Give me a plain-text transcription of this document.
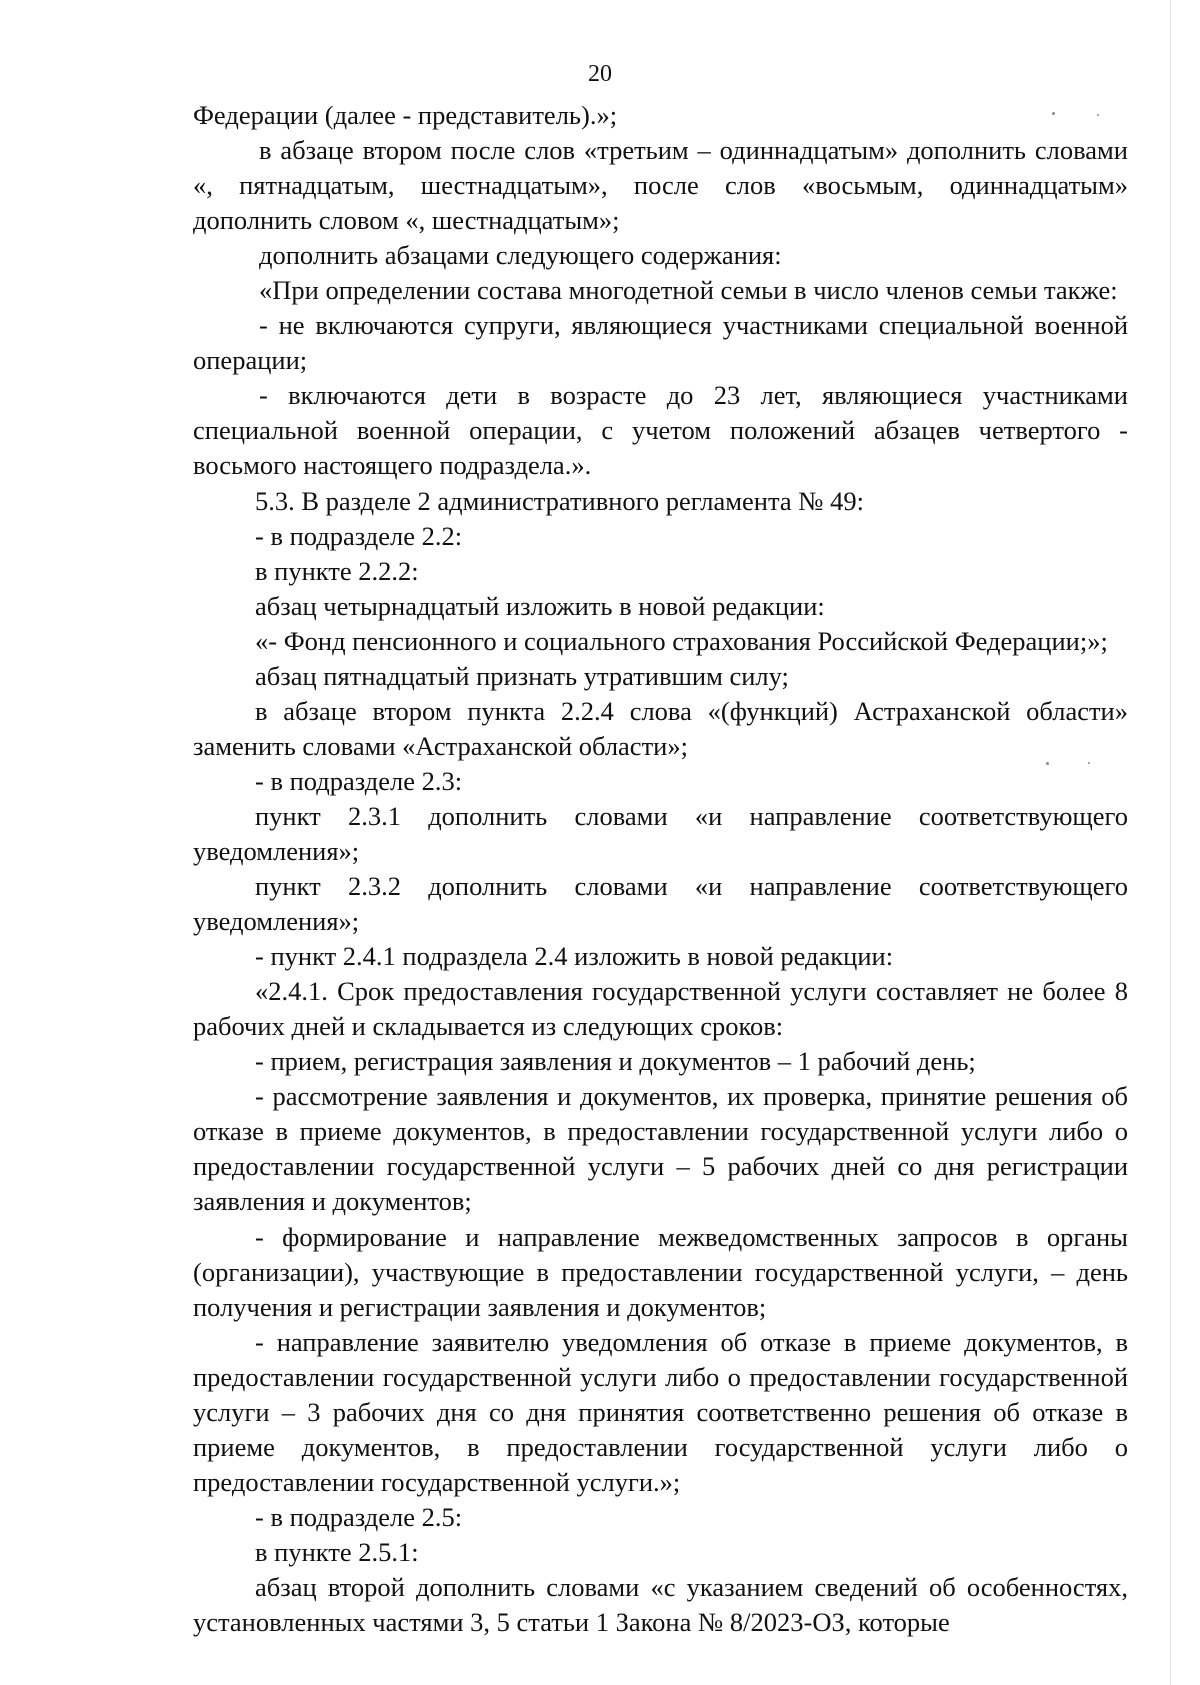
20

Федерации (далее - представитель).»;

в абзаце втором после слов «третьим – одиннадцатым» дополнить словами «, пятнадцатым, шестнадцатым», после слов «восьмым, одиннадцатым» дополнить словом «, шестнадцатым»;

дополнить абзацами следующего содержания:

«При определении состава многодетной семьи в число членов семьи также:

- не включаются супруги, являющиеся участниками специальной военной операции;

- включаются дети в возрасте до 23 лет, являющиеся участниками специальной военной операции, с учетом положений абзацев четвертого - восьмого настоящего подраздела.».

5.3. В разделе 2 административного регламента № 49:

- в подразделе 2.2:

в пункте 2.2.2:

абзац четырнадцатый изложить в новой редакции:

«- Фонд пенсионного и социального страхования Российской Федерации;»;

абзац пятнадцатый признать утратившим силу;

в абзаце втором пункта 2.2.4 слова «(функций) Астраханской области» заменить словами «Астраханской области»;

- в подразделе 2.3:

пункт 2.3.1 дополнить словами «и направление соответствующего уведомления»;

пункт 2.3.2 дополнить словами «и направление соответствующего уведомления»;

- пункт 2.4.1 подраздела 2.4 изложить в новой редакции:

«2.4.1. Срок предоставления государственной услуги составляет не более 8 рабочих дней и складывается из следующих сроков:

- прием, регистрация заявления и документов – 1 рабочий день;

- рассмотрение заявления и документов, их проверка, принятие решения об отказе в приеме документов, в предоставлении государственной услуги либо о предоставлении государственной услуги – 5 рабочих дней со дня регистрации заявления и документов;

- формирование и направление межведомственных запросов в органы (организации), участвующие в предоставлении государственной услуги, – день получения и регистрации заявления и документов;

- направление заявителю уведомления об отказе в приеме документов, в предоставлении государственной услуги либо о предоставлении государственной услуги – 3 рабочих дня со дня принятия соответственно решения об отказе в приеме документов, в предоставлении государственной услуги либо о предоставлении государственной услуги.»;

- в подразделе 2.5:

в пункте 2.5.1:

абзац второй дополнить словами «с указанием сведений об особенностях, установленных частями 3, 5 статьи 1 Закона № 8/2023-ОЗ, которые
